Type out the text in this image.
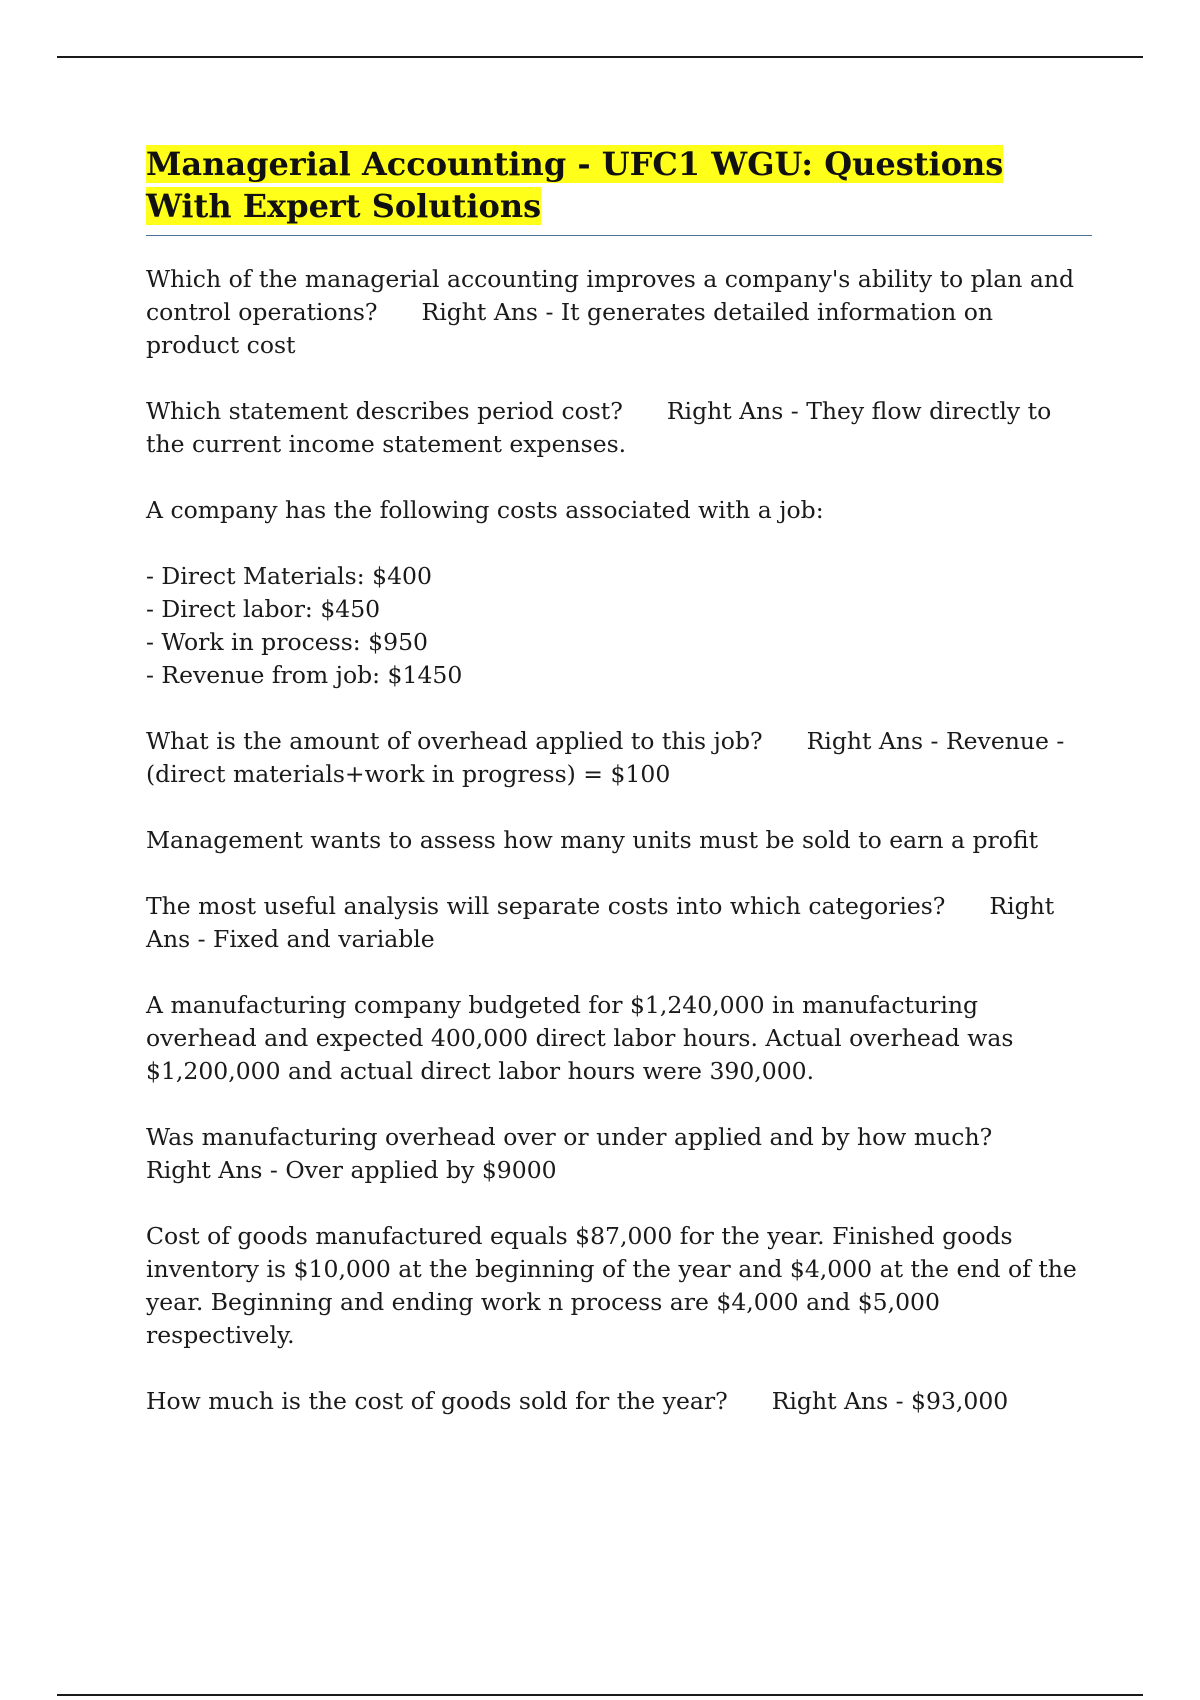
Managerial Accounting - UFC1 WGU: Questions With Expert Solutions

Which of the managerial accounting improves a company's ability to plan and control operations? Right Ans - It generates detailed information on product cost

Which statement describes period cost? Right Ans - They flow directly to the current income statement expenses.

A company has the following costs associated with a job:

- Direct Materials: $400
- Direct labor: $450
- Work in process: $950
- Revenue from job: $1450

What is the amount of overhead applied to this job? Right Ans - Revenue - (direct materials+work in progress) = $100

Management wants to assess how many units must be sold to earn a profit

The most useful analysis will separate costs into which categories? Right Ans - Fixed and variable

A manufacturing company budgeted for $1,240,000 in manufacturing overhead and expected 400,000 direct labor hours. Actual overhead was $1,200,000 and actual direct labor hours were 390,000.

Was manufacturing overhead over or under applied and by how much?Right Ans - Over applied by $9000

Cost of goods manufactured equals $87,000 for the year. Finished goods inventory is $10,000 at the beginning of the year and $4,000 at the end of the year. Beginning and ending work n process are $4,000 and $5,000 respectively.

How much is the cost of goods sold for the year? Right Ans - $93,000
